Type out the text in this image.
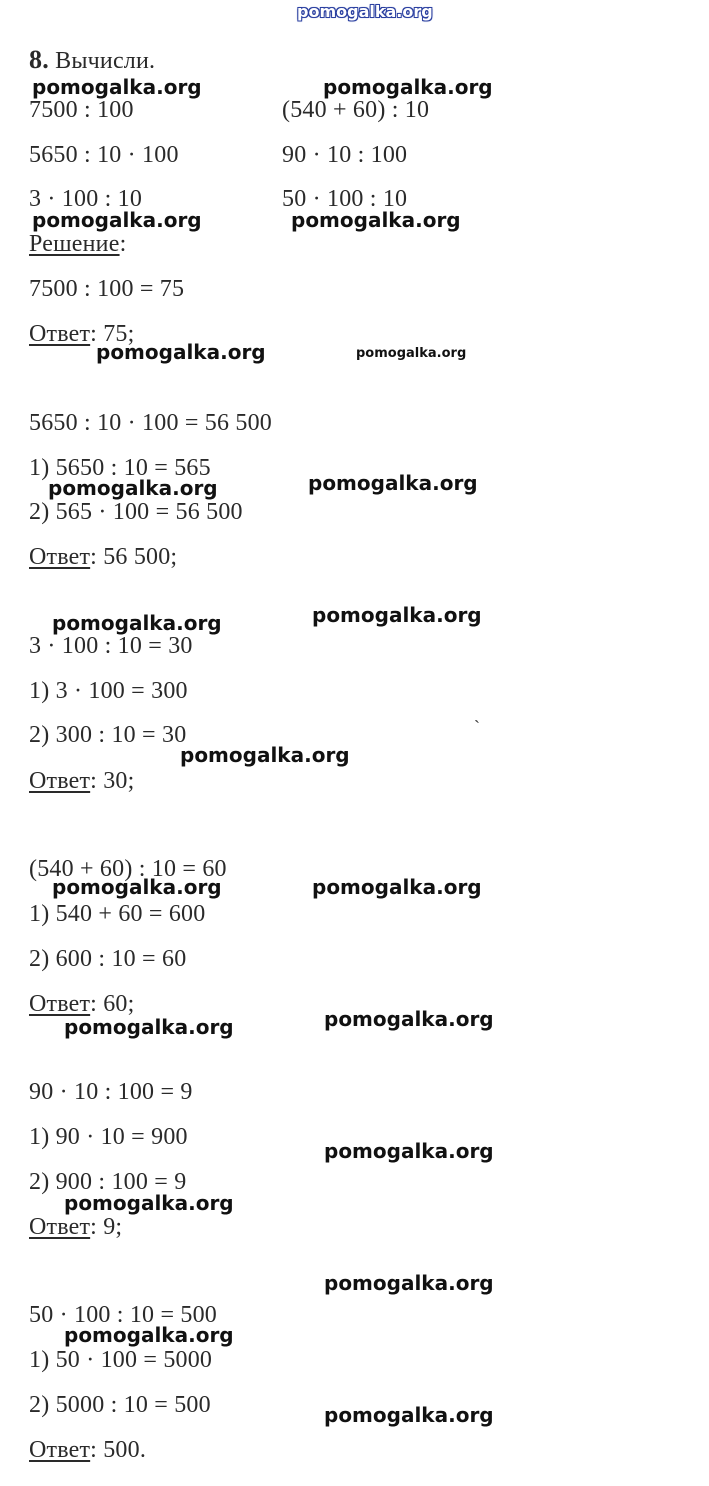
pomogalka.org
8. Вычисли.
pomogalka.org	pomogalka.org
7500 : 100	(540 + 60) : 10
5650 : 10 · 100	90 · 10 : 100
3 · 100 : 10	50 · 100 : 10
pomogalka.org	pomogalka.org
Решение:
7500 : 100 = 75
Ответ: 75;
pomogalka.org	pomogalka.org
5650 : 10 · 100 = 56 500
1) 5650 : 10 = 565
pomogalka.org	pomogalka.org
2) 565 · 100 = 56 500
Ответ: 56 500;
pomogalka.org	pomogalka.org
3 · 100 : 10 = 30
1) 3 · 100 = 300
2) 300 : 10 = 30	`
pomogalka.org
Ответ: 30;
(540 + 60) : 10 = 60
pomogalka.org	pomogalka.org
1) 540 + 60 = 600
2) 600 : 10 = 60
Ответ: 60;
pomogalka.org	pomogalka.org
90 · 10 : 100 = 9
1) 90 · 10 = 900
pomogalka.org
2) 900 : 100 = 9
pomogalka.org
Ответ: 9;
pomogalka.org
50 · 100 : 10 = 500
pomogalka.org
1) 50 · 100 = 5000
2) 5000 : 10 = 500	pomogalka.org
Ответ: 500.
